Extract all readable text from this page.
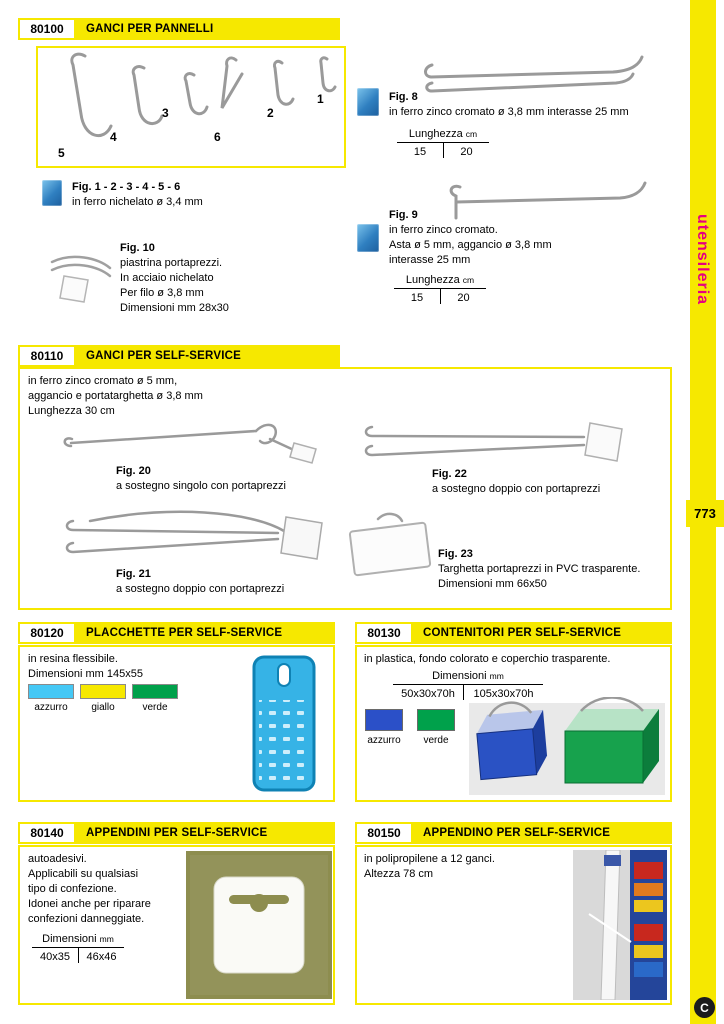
utensileria
773
C
80100	GANCI PER PANNELLI
1
2
3
4
5
6
Fig. 1 - 2 - 3 - 4 - 5 - 6
in ferro nichelato ø 3,4 mm
Fig. 10
piastrina portaprezzi.
In acciaio nichelato
Per filo ø 3,8 mm
Dimensioni mm 28x30
Fig. 8
in ferro zinco cromato ø 3,8 mm interasse 25 mm
Lunghezza cm
15	20
Fig. 9
in ferro zinco cromato.
Asta ø 5 mm, aggancio ø 3,8 mm
interasse 25 mm
Lunghezza cm
15	20
80110	GANCI PER SELF-SERVICE
in ferro zinco cromato ø 5 mm,
aggancio e portatarghetta ø 3,8 mm
Lunghezza 30 cm
Fig. 20
a sostegno singolo con portaprezzi
Fig. 22
a sostegno doppio con portaprezzi
Fig. 21
a sostegno doppio con portaprezzi
Fig. 23
Targhetta portaprezzi in PVC trasparente.
Dimensioni mm 66x50
80120	PLACCHETTE PER SELF-SERVICE
in resina flessibile.
Dimensioni mm 145x55
azzurro	giallo	verde
80130	CONTENITORI PER SELF-SERVICE
in plastica, fondo colorato e coperchio trasparente.
Dimensioni mm
50x30x70h	105x30x70h
azzurro	verde
80140	APPENDINI PER SELF-SERVICE
autoadesivi.
Applicabili su qualsiasi
tipo di confezione.
Idonei anche per riparare
confezioni danneggiate.
Dimensioni mm
40x35	46x46
80150	APPENDINO PER SELF-SERVICE
in polipropilene a 12 ganci.
Altezza 78 cm
